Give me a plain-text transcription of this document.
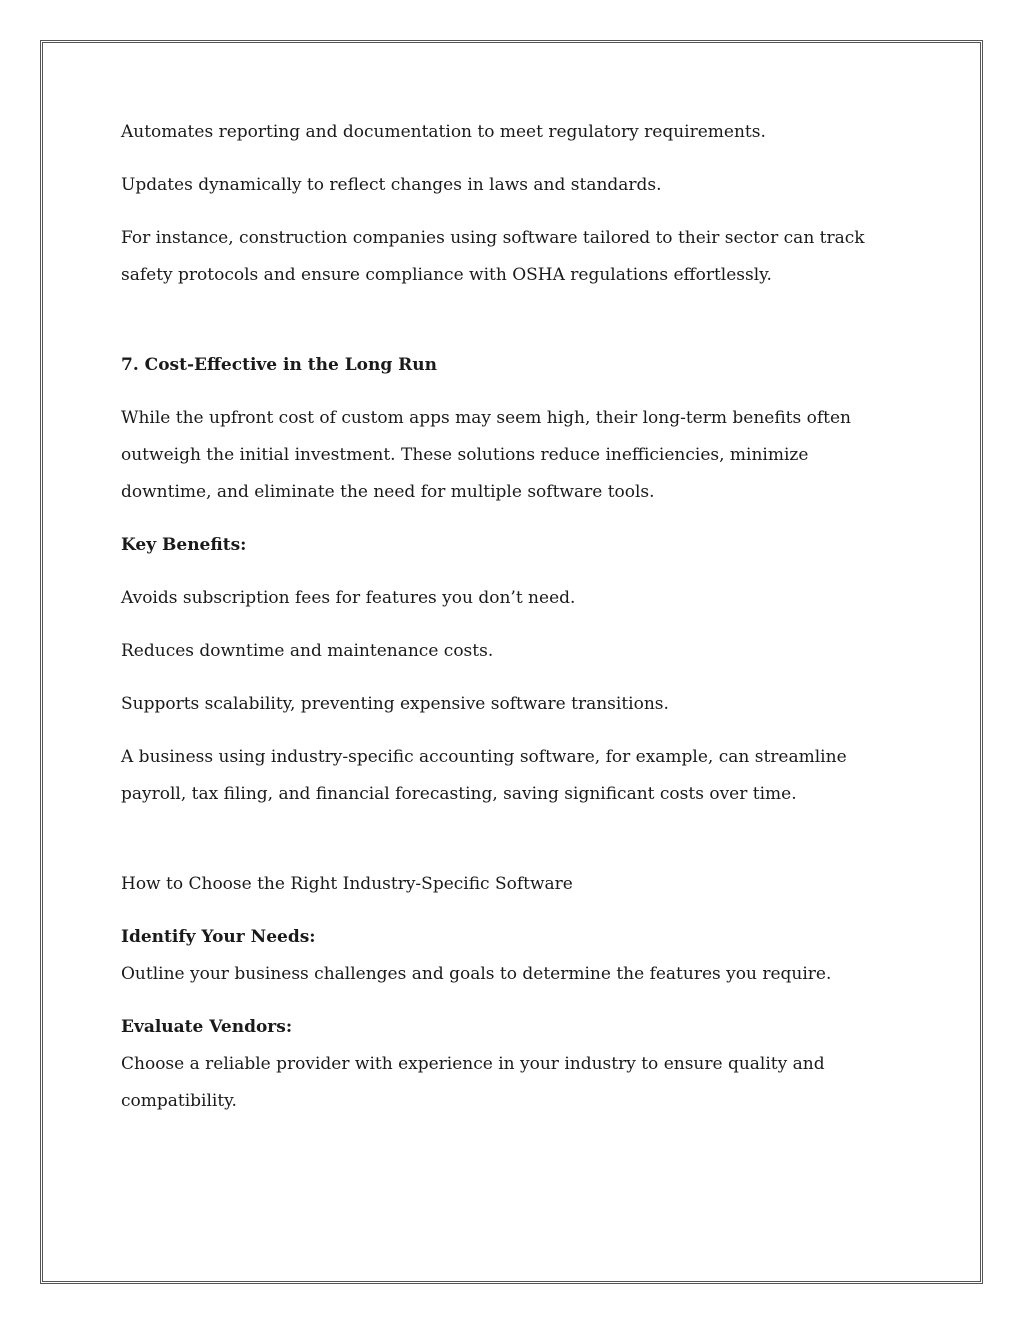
Automates reporting and documentation to meet regulatory requirements.

Updates dynamically to reflect changes in laws and standards.

For instance, construction companies using software tailored to their sector can track safety protocols and ensure compliance with OSHA regulations effortlessly.

7. Cost-Effective in the Long Run

While the upfront cost of custom apps may seem high, their long-term benefits often outweigh the initial investment. These solutions reduce inefficiencies, minimize downtime, and eliminate the need for multiple software tools.

Key Benefits:

Avoids subscription fees for features you don’t need.

Reduces downtime and maintenance costs.

Supports scalability, preventing expensive software transitions.

A business using industry-specific accounting software, for example, can streamline payroll, tax filing, and financial forecasting, saving significant costs over time.

How to Choose the Right Industry-Specific Software

Identify Your Needs:

Outline your business challenges and goals to determine the features you require.

Evaluate Vendors:

Choose a reliable provider with experience in your industry to ensure quality and compatibility.
